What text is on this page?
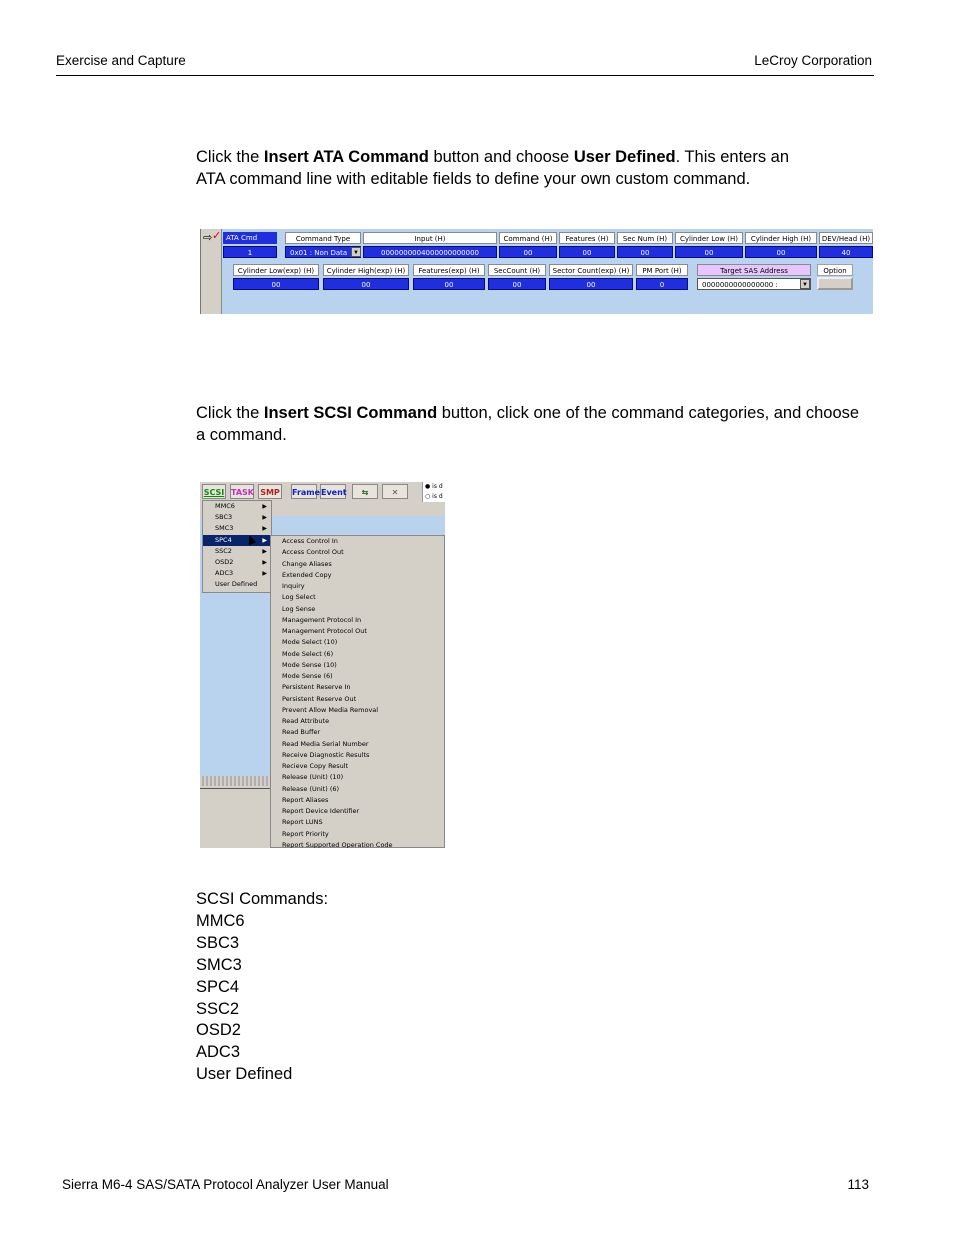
Exercise and Capture	LeCroy Corporation
Click the Insert ATA Command button and choose User Defined. This enters an
ATA command line with editable fields to define your own custom command.
⇨ ✓ ATA Cmd	Command Type	Input (H)	Command (H)	Features (H)	Sec Num (H)	Cylinder Low (H)	Cylinder High (H)	DEV/Head (H)
1	0x01 : Non Data ▼	0000000004000000000000	00	00	00	00	00	40
Cylinder Low(exp) (H)	Cylinder High(exp) (H)	Features(exp) (H)	SecCount (H)	Sector Count(exp) (H)	PM Port (H)	Target SAS Address	Option
00	00	00	00	00	0	0000000000000000 :	▼
Click the Insert SCSI Command button, click one of the command categories, and choose
a command.
SCSI TASK SMP Frame Event	⇆	✕
● is d
○ is d
MMC6	▶
SBC3	▶
SMC3	▶
SPC4	▶
SSC2	▶
OSD2	▶
ADC3	▶
User Defined
Access Control In
Access Control Out
Change Aliases
Extended Copy
Inquiry
Log Select
Log Sense
Management Protocol In
Management Protocol Out
Mode Select (10)
Mode Select (6)
Mode Sense (10)
Mode Sense (6)
Persistent Reserve In
Persistent Reserve Out
Prevent Allow Media Removal
Read Attribute
Read Buffer
Read Media Serial Number
Receive Diagnostic Results
Recieve Copy Result
Release (Unit) (10)
Release (Unit) (6)
Report Aliases
Report Device Identifier
Report LUNS
Report Priority
Report Supported Operation Code
SCSI Commands:
MMC6
SBC3
SMC3
SPC4
SSC2
OSD2
ADC3
User Defined
Sierra M6-4 SAS/SATA Protocol Analyzer User Manual	113
